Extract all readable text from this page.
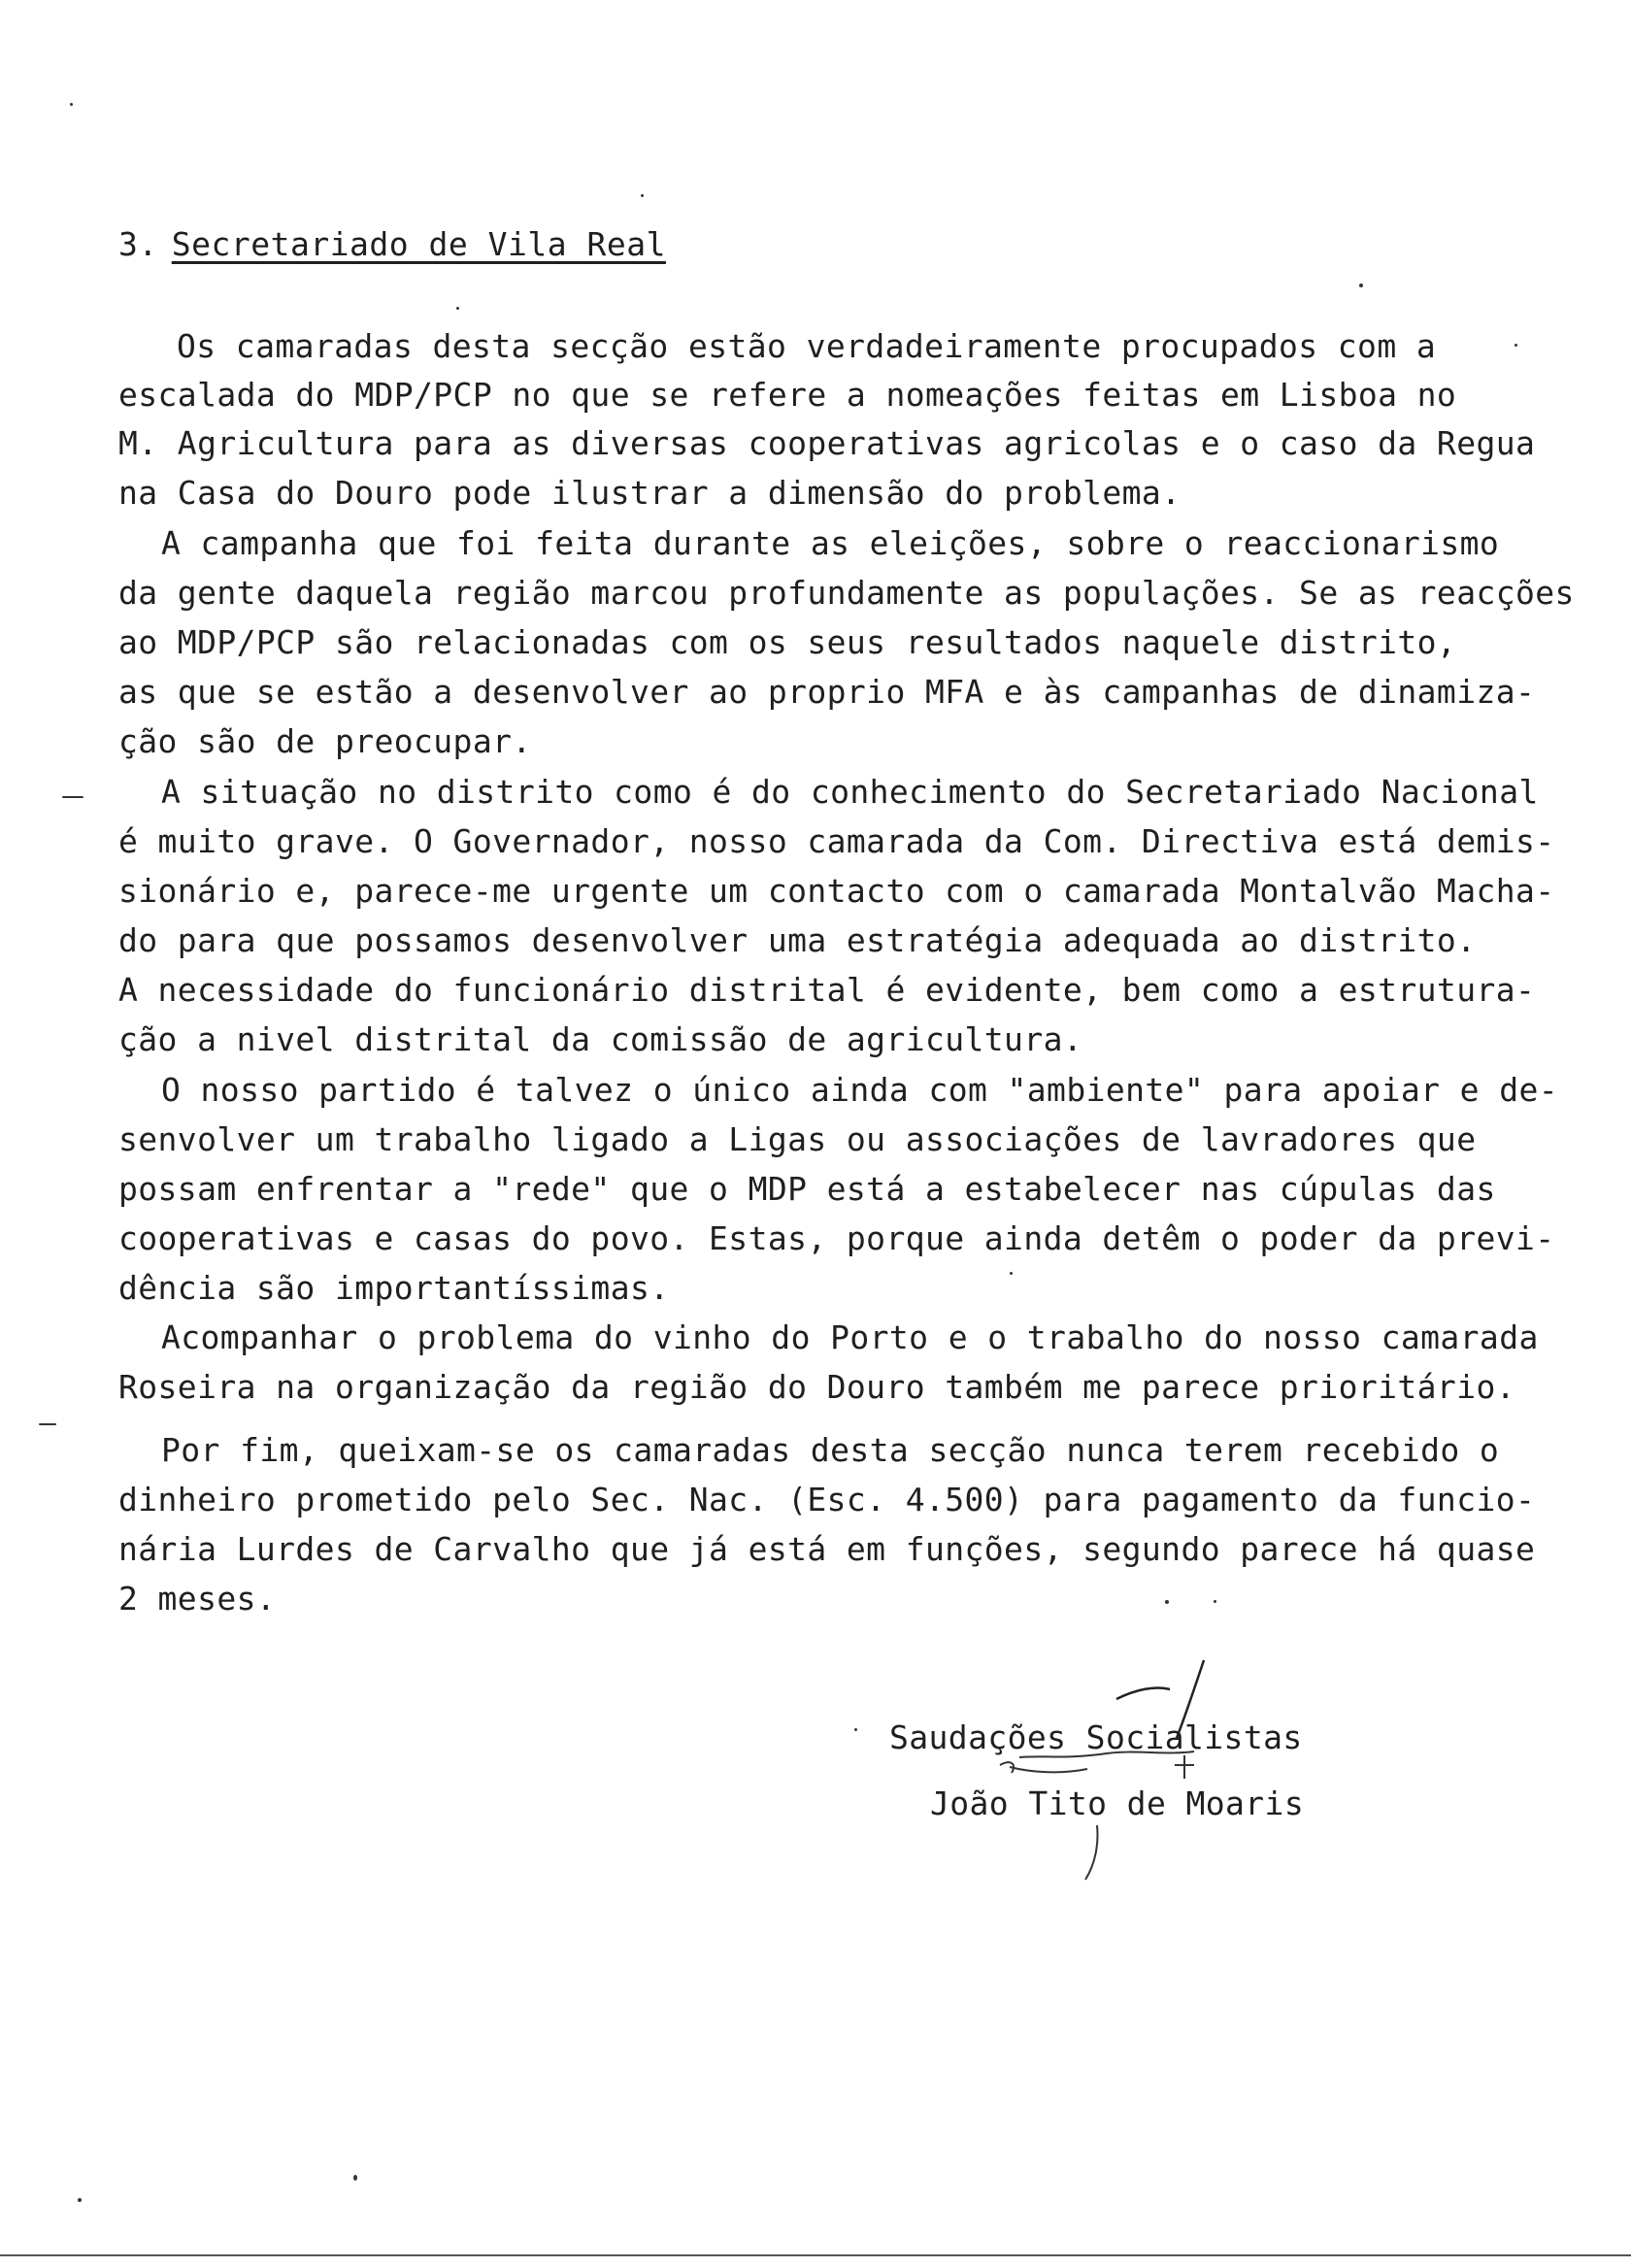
3. Secretariado de Vila Real
Os camaradas desta secção estão verdadeiramente procupados com a
escalada do MDP/PCP no que se refere a nomeações feitas em Lisboa no
M. Agricultura para as diversas cooperativas agricolas e o caso da Regua
na Casa do Douro pode ilustrar a dimensão do problema.
A campanha que foi feita durante as eleições, sobre o reaccionarismo
da gente daquela região marcou profundamente as populações. Se as reacções
ao MDP/PCP são relacionadas com os seus resultados naquele distrito,
as que se estão a desenvolver ao proprio MFA e às campanhas de dinamiza-
ção são de preocupar.
A situação no distrito como é do conhecimento do Secretariado Nacional
é muito grave. O Governador, nosso camarada da Com. Directiva está demis-
sionário e, parece-me urgente um contacto com o camarada Montalvão Macha-
do para que possamos desenvolver uma estratégia adequada ao distrito.
A necessidade do funcionário distrital é evidente, bem como a estrutura-
ção a nivel distrital da comissão de agricultura.
O nosso partido é talvez o único ainda com "ambiente" para apoiar e de-
senvolver um trabalho ligado a Ligas ou associações de lavradores que
possam enfrentar a "rede" que o MDP está a estabelecer nas cúpulas das
cooperativas e casas do povo. Estas, porque ainda detêm o poder da previ-
dência são importantíssimas.
Acompanhar o problema do vinho do Porto e o trabalho do nosso camarada
Roseira na organização da região do Douro também me parece prioritário.
Por fim, queixam-se os camaradas desta secção nunca terem recebido o
dinheiro prometido pelo Sec. Nac. (Esc. 4.500) para pagamento da funcio-
nária Lurdes de Carvalho que já está em funções, segundo parece há quase
2 meses.
Saudações Socialistas
João Tito de Moaris
